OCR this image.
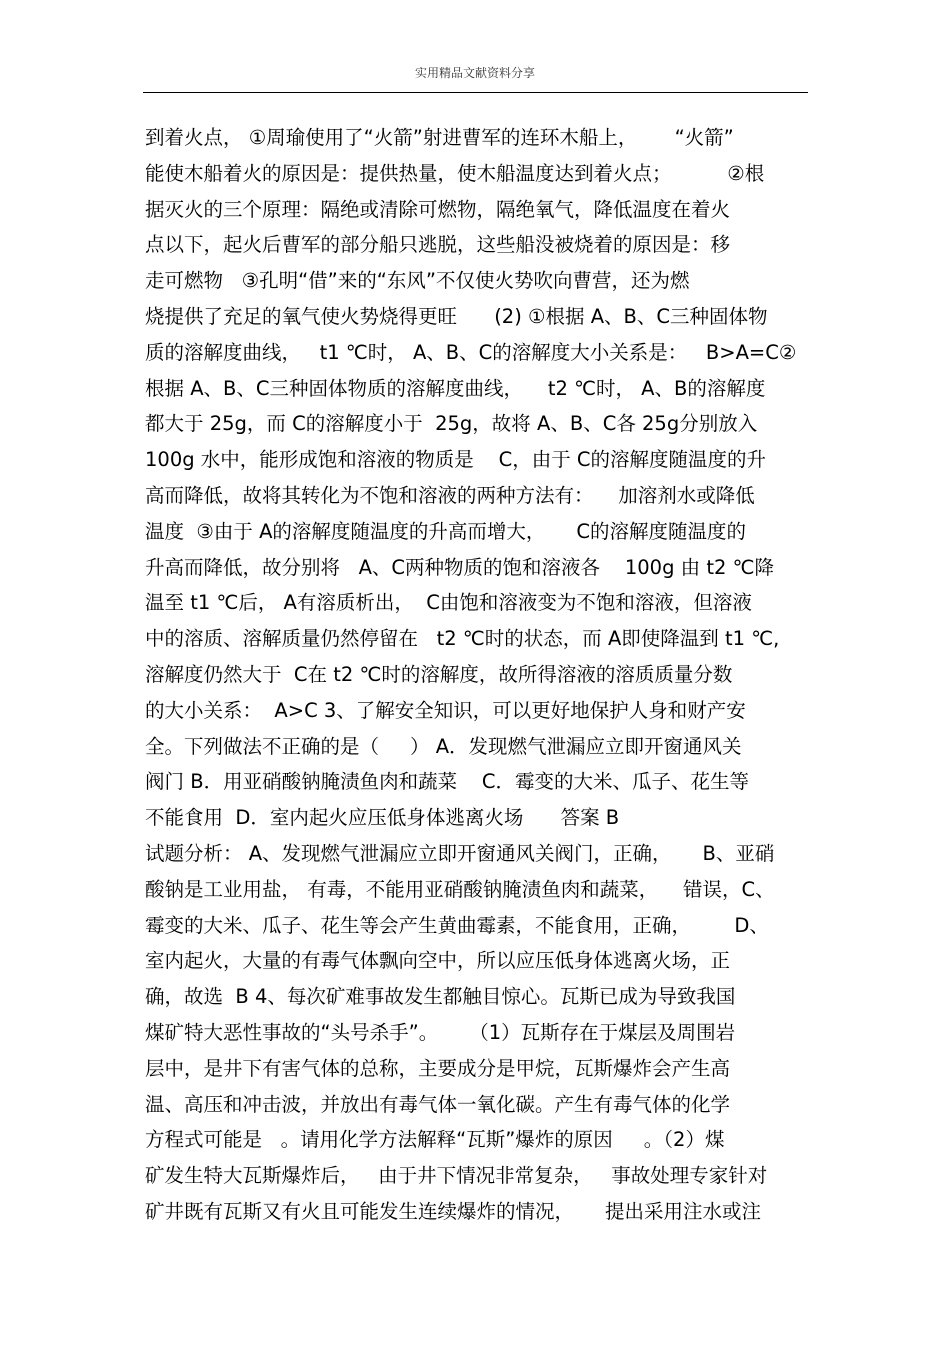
实用精品文献资料分享
到着火点， ①周瑜使用了“火箭”射进曹军的连环木船上，      “火箭”
能使木船着火的原因是：提供热量，使木船温度达到着火点；         ②根
据灭火的三个原理：隔绝或清除可燃物，隔绝氧气，降低温度在着火
点以下，起火后曹军的部分船只逃脱，这些船没被烧着的原因是：移
走可燃物   ③孔明“借”来的“东风”不仅使火势吹向曹营，还为燃
烧提供了充足的氧气使火势烧得更旺      (2) ①根据 A、B、C三种固体物
质的溶解度曲线，   t1 ℃时， A、B、C的溶解度大小关系是：   B>A=C②
根据 A、B、C三种固体物质的溶解度曲线，    t2 ℃时， A、B的溶解度
都大于 25g，而 C的溶解度小于  25g，故将 A、B、C各 25g分别放入
100g 水中，能形成饱和溶液的物质是    C，由于 C的溶解度随温度的升
高而降低，故将其转化为不饱和溶液的两种方法有：    加溶剂水或降低
温度  ③由于 A的溶解度随温度的升高而增大，     C的溶解度随温度的
升高而降低，故分别将   A、C两种物质的饱和溶液各    100g 由 t2 ℃降
温至 t1 ℃后， A有溶质析出，  C由饱和溶液变为不饱和溶液，但溶液
中的溶质、溶解质量仍然停留在   t2 ℃时的状态，而 A即使降温到 t1 ℃,
溶解度仍然大于  C在 t2 ℃时的溶解度，故所得溶液的溶质质量分数
的大小关系：  A>C 3、了解安全知识，可以更好地保护人身和财产安
全。下列做法不正确的是（     ） A．发现燃气泄漏应立即开窗通风关
阀门 B．用亚硝酸钠腌渍鱼肉和蔬菜    C．霉变的大米、瓜子、花生等
不能食用  D．室内起火应压低身体逃离火场      答案 B
试题分析： A、发现燃气泄漏应立即开窗通风关阀门，正确，     B、亚硝
酸钠是工业用盐， 有毒，不能用亚硝酸钠腌渍鱼肉和蔬菜，    错误，C、
霉变的大米、瓜子、花生等会产生黄曲霉素，不能食用，正确，       D、
室内起火，大量的有毒气体飘向空中，所以应压低身体逃离火场，正
确，故选  B 4、每次矿难事故发生都触目惊心。瓦斯已成为导致我国
煤矿特大恶性事故的“头号杀手”。     （1）瓦斯存在于煤层及周围岩
层中，是井下有害气体的总称，主要成分是甲烷，瓦斯爆炸会产生高
温、高压和冲击波，并放出有毒气体一氧化碳。产生有毒气体的化学
方程式可能是   。请用化学方法解释“瓦斯”爆炸的原因     。（2）煤
矿发生特大瓦斯爆炸后，   由于井下情况非常复杂，   事故处理专家针对
矿井既有瓦斯又有火且可能发生连续爆炸的情况，     提出采用注水或注
